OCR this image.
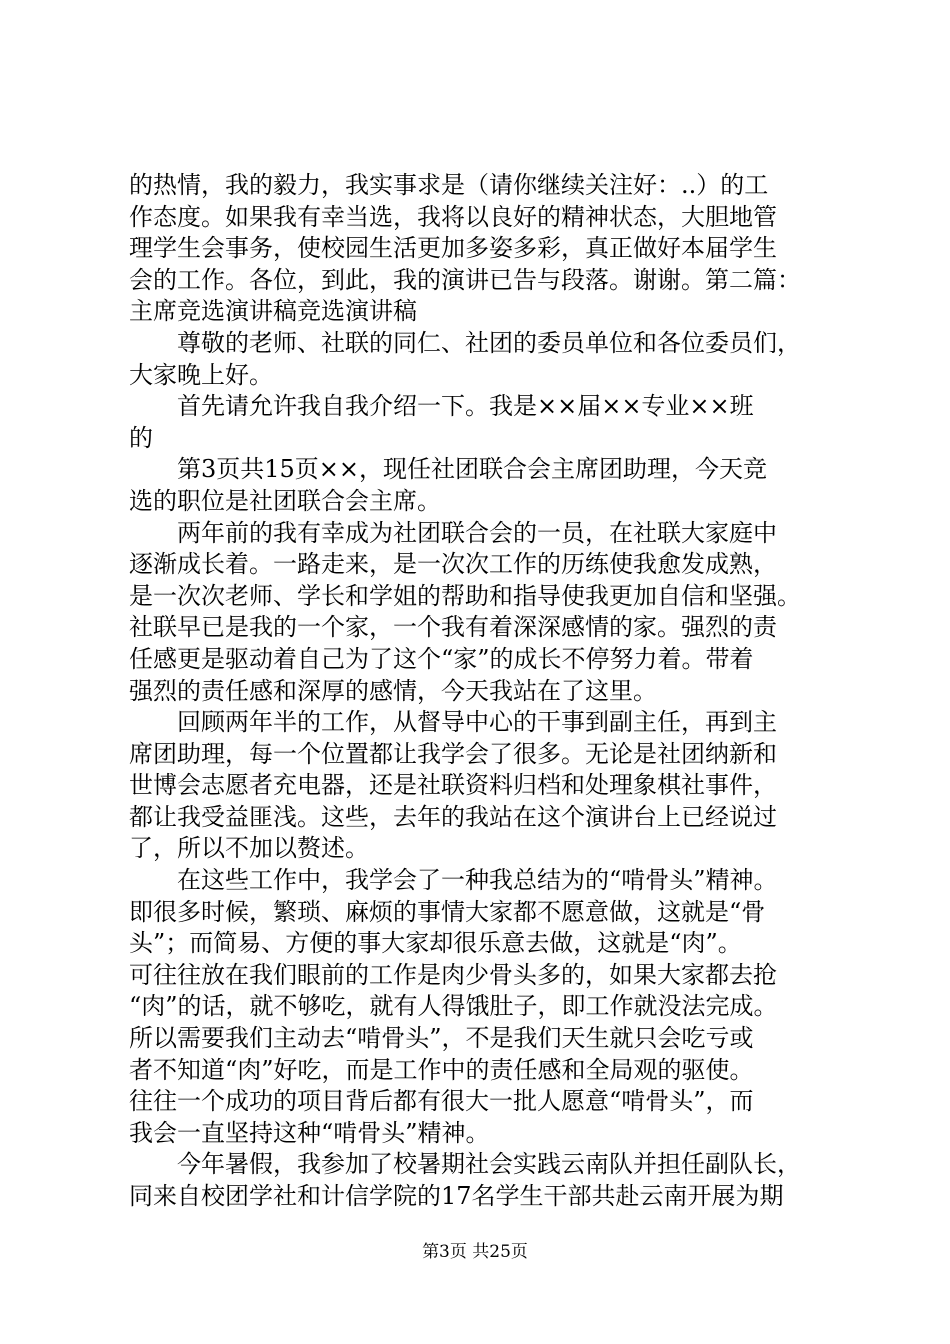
的热情，我的毅力，我实事求是（请你继续关注好：..）的工
作态度。如果我有幸当选，我将以良好的精神状态，大胆地管
理学生会事务，使校园生活更加多姿多彩，真正做好本届学生
会的工作。各位，到此，我的演讲已告与段落。谢谢。第二篇：
主席竞选演讲稿竞选演讲稿
尊敬的老师、社联的同仁、社团的委员单位和各位委员们，
大家晚上好。
首先请允许我自我介绍一下。我是××届××专业××班
的
第3页共15页××，现任社团联合会主席团助理，今天竞
选的职位是社团联合会主席。
两年前的我有幸成为社团联合会的一员，在社联大家庭中
逐渐成长着。一路走来，是一次次工作的历练使我愈发成熟，
是一次次老师、学长和学姐的帮助和指导使我更加自信和坚强。
社联早已是我的一个家，一个我有着深深感情的家。强烈的责
任感更是驱动着自己为了这个“家”的成长不停努力着。带着
强烈的责任感和深厚的感情，今天我站在了这里。
回顾两年半的工作，从督导中心的干事到副主任，再到主
席团助理，每一个位置都让我学会了很多。无论是社团纳新和
世博会志愿者充电器，还是社联资料归档和处理象棋社事件，
都让我受益匪浅。这些，去年的我站在这个演讲台上已经说过
了，所以不加以赘述。
在这些工作中，我学会了一种我总结为的“啃骨头”精神。
即很多时候，繁琐、麻烦的事情大家都不愿意做，这就是“骨
头”；而简易、方便的事大家却很乐意去做，这就是“肉”。
可往往放在我们眼前的工作是肉少骨头多的，如果大家都去抢
“肉”的话，就不够吃，就有人得饿肚子，即工作就没法完成。
所以需要我们主动去“啃骨头”，不是我们天生就只会吃亏或
者不知道“肉”好吃，而是工作中的责任感和全局观的驱使。
往往一个成功的项目背后都有很大一批人愿意“啃骨头”，而
我会一直坚持这种“啃骨头”精神。
今年暑假，我参加了校暑期社会实践云南队并担任副队长，
同来自校团学社和计信学院的17名学生干部共赴云南开展为期
第3页 共25页
